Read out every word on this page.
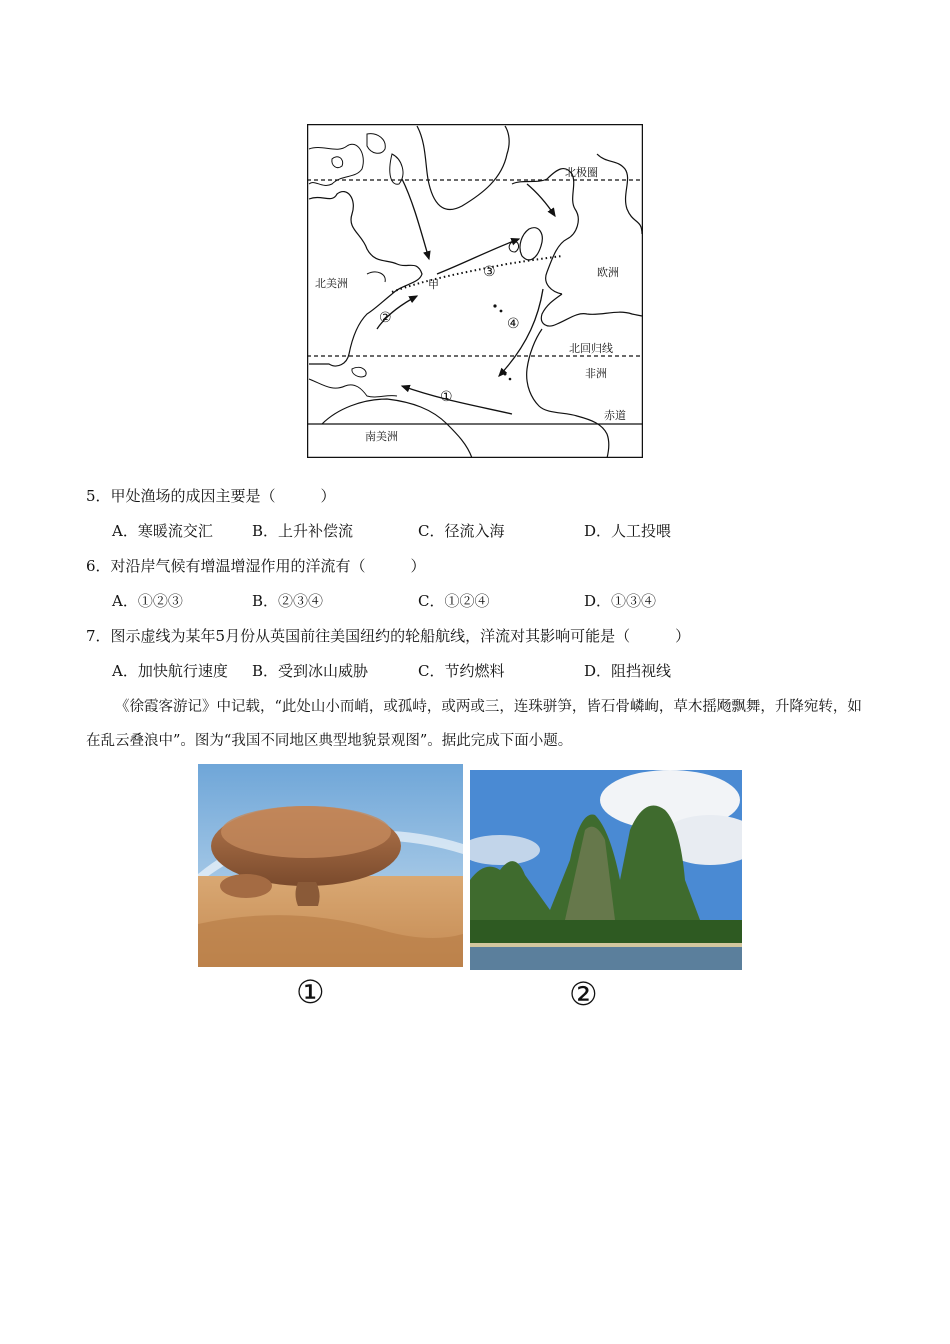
北极圈
北美洲
欧洲
北回归线
非洲
赤道
南美洲
甲
①
②
③
④
5．甲处渔场的成因主要是（　　　）
A．寒暖流交汇	B．上升补偿流	C．径流入海	D．人工投喂
6．对沿岸气候有增温增湿作用的洋流有（　　　）
A．①②③	B．②③④	C．①②④	D．①③④
7．图示虚线为某年5月份从英国前往美国纽约的轮船航线，洋流对其影响可能是（　　　）
A．加快航行速度 B．受到冰山威胁	C．节约燃料	D．阻挡视线
《徐霞客游记》中记载，“此处山小而峭，或孤峙，或两或三，连珠骈笋，皆石骨嶙峋，草木摇飏飘舞，升降宛转，如在乱云叠浪中”。图为“我国不同地区典型地貌景观图”。据此完成下面小题。
①	②
